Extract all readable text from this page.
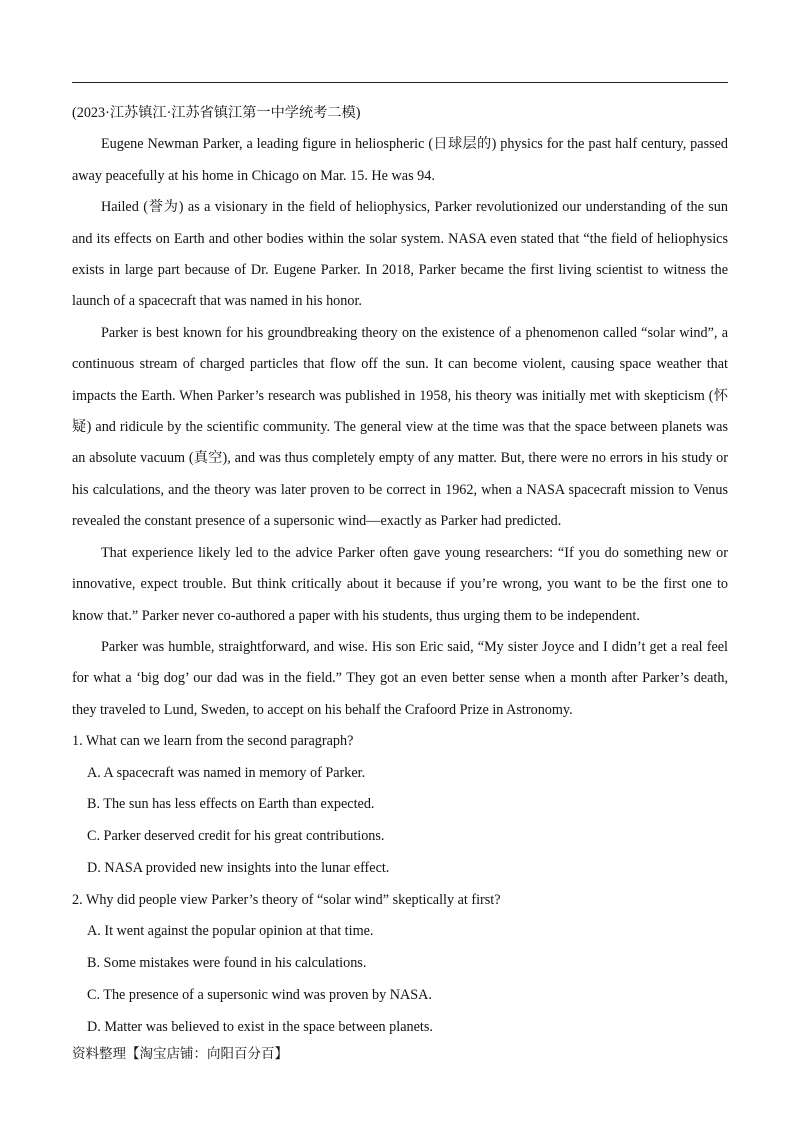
(2023·江苏镇江·江苏省镇江第一中学统考二模)

Eugene Newman Parker, a leading figure in heliospheric (日球层的) physics for the past half century, passed away peacefully at his home in Chicago on Mar. 15. He was 94.

Hailed (誉为) as a visionary in the field of heliophysics, Parker revolutionized our understanding of the sun and its effects on Earth and other bodies within the solar system. NASA even stated that “the field of heliophysics exists in large part because of Dr. Eugene Parker. In 2018, Parker became the first living scientist to witness the launch of a spacecraft that was named in his honor.

Parker is best known for his groundbreaking theory on the existence of a phenomenon called “solar wind”, a continuous stream of charged particles that flow off the sun. It can become violent, causing space weather that impacts the Earth. When Parker’s research was published in 1958, his theory was initially met with skepticism (怀疑) and ridicule by the scientific community. The general view at the time was that the space between planets was an absolute vacuum (真空), and was thus completely empty of any matter. But, there were no errors in his study or his calculations, and the theory was later proven to be correct in 1962, when a NASA spacecraft mission to Venus revealed the constant presence of a supersonic wind—exactly as Parker had predicted.

That experience likely led to the advice Parker often gave young researchers: “If you do something new or innovative, expect trouble. But think critically about it because if you’re wrong, you want to be the first one to know that.” Parker never co-authored a paper with his students, thus urging them to be independent.

Parker was humble, straightforward, and wise. His son Eric said, “My sister Joyce and I didn’t get a real feel for what a ‘big dog’ our dad was in the field.” They got an even better sense when a month after Parker’s death, they traveled to Lund, Sweden, to accept on his behalf the Crafoord Prize in Astronomy.

1. What can we learn from the second paragraph?

A. A spacecraft was named in memory of Parker.

B. The sun has less effects on Earth than expected.

C. Parker deserved credit for his great contributions.

D. NASA provided new insights into the lunar effect.

2. Why did people view Parker’s theory of “solar wind” skeptically at first?

A. It went against the popular opinion at that time.

B. Some mistakes were found in his calculations.

C. The presence of a supersonic wind was proven by NASA.

D. Matter was believed to exist in the space between planets.

资料整理【淘宝店铺：向阳百分百】
